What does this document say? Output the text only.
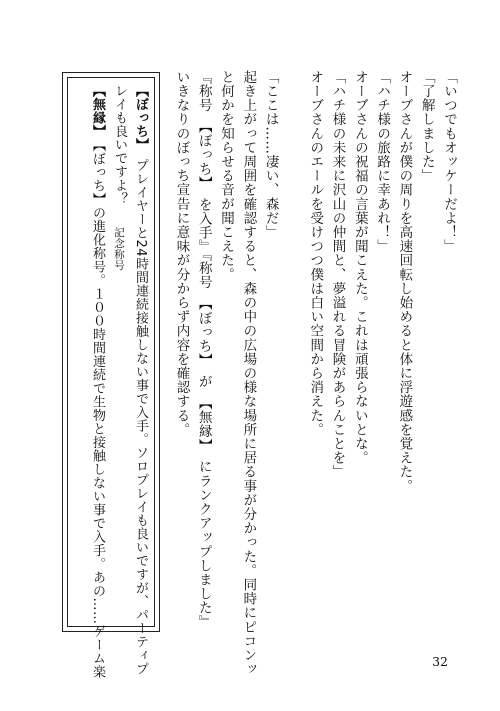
「いつでもオッケーだよ！」
「了解しました」
オーブさんが僕の周りを高速回転し始めると体に浮遊感を覚えた。
「ハチ様の旅路に幸あれ！」
オーブさんの祝福の言葉が聞こえた。これは頑張らないとな。
「ハチ様の未来に沢山の仲間と、夢溢れる冒険があらんことを」
オーブさんのエールを受けつつ僕は白い空間から消えた。
「ここは……凄い、森だ」
起き上がって周囲を確認すると、森の中の広場の様な場所に居る事が分かった。同時にピコンッ
と何かを知らせる音が聞こえた。
『称号　【ぼっち】　を入手』『称号　【ぼっち】　が　【無縁】　にランクアップしました』
いきなりのぼっち宣告に意味が分からず内容を確認する。
【ぼっち】　プレイヤーと24時間連続接触しない事で入手。ソロプレイも良いですが、パーティプ
レイも良いですよ？　記念称号
【無縁】　【ぼっち】の進化称号。１００時間連続で生物と接触しない事で入手。あの……ゲーム楽	32
